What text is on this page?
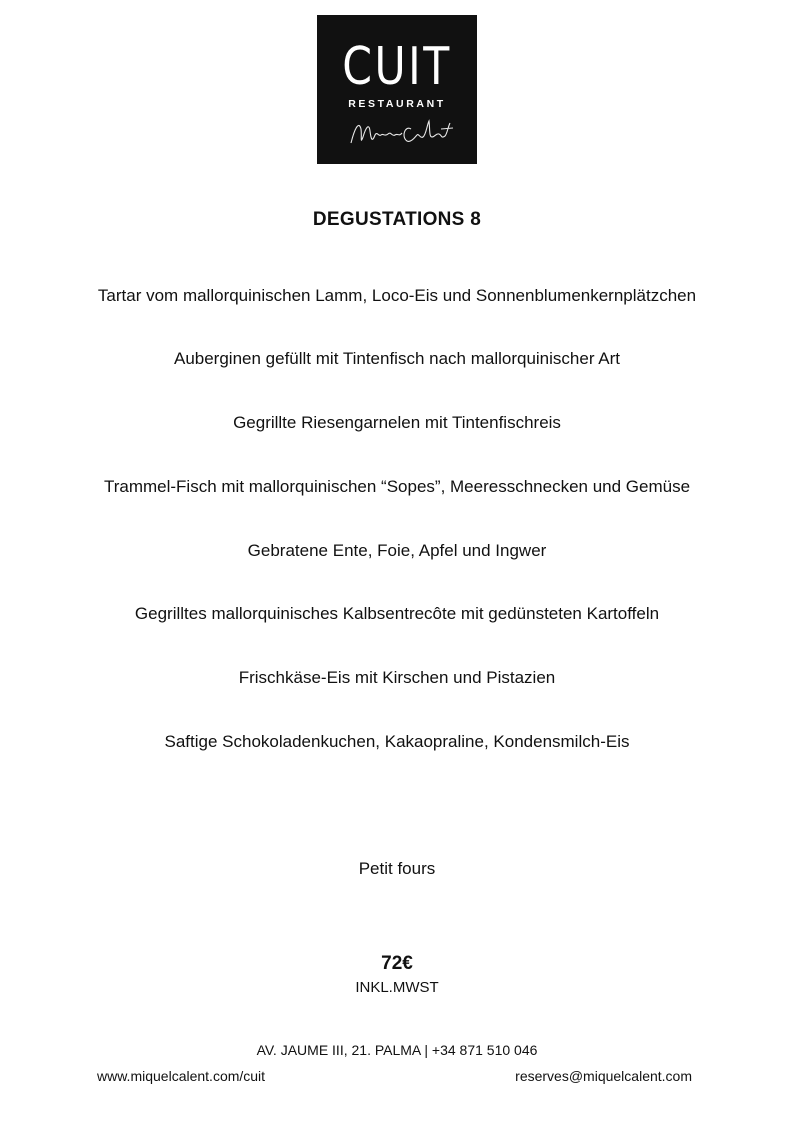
CUIT
RESTAURANT
DEGUSTATIONS 8
Tartar vom mallorquinischen Lamm, Loco-Eis und Sonnenblumenkernplätzchen
Auberginen gefüllt mit Tintenfisch nach mallorquinischer Art
Gegrillte Riesengarnelen mit Tintenfischreis
Trammel-Fisch mit mallorquinischen “Sopes”, Meeresschnecken und Gemüse
Gebratene Ente, Foie, Apfel und Ingwer
Gegrilltes mallorquinisches Kalbsentrecôte mit gedünsteten Kartoffeln
Frischkäse-Eis mit Kirschen und Pistazien
Saftige Schokoladenkuchen, Kakaopraline, Kondensmilch-Eis
Petit fours
72€
INKL.MWST
AV. JAUME III, 21. PALMA | +34 871 510 046
www.miquelcalent.com/cuit	reserves@miquelcalent.com
